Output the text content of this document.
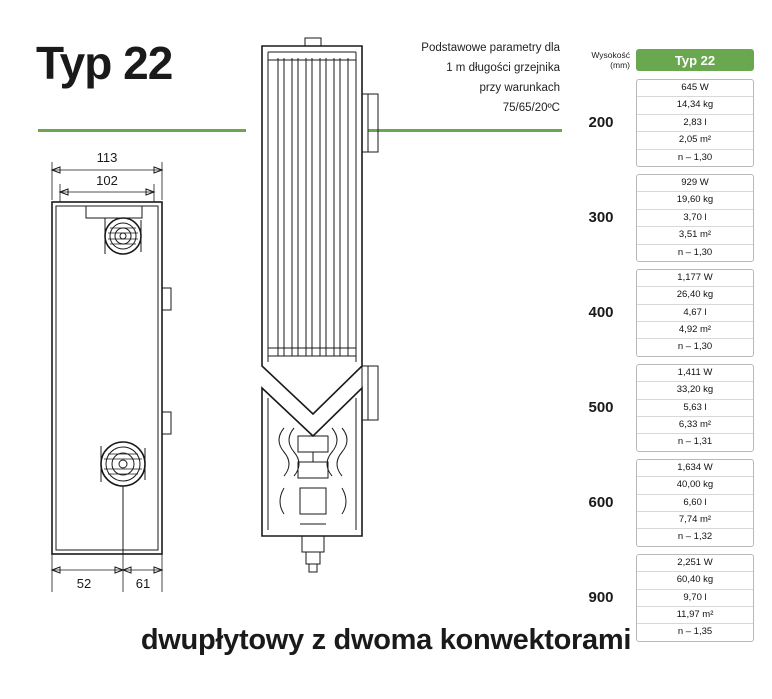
Typ 22	Podstawowe parametry dla
1 m długości grzejnika
przy warunkach
75/65/20ºC
113
102
52	61
Wysokość (mm)	Typ 22
200
645 W
14,34 kg
2,83 l
2,05 m²
n – 1,30
300
929 W
19,60 kg
3,70 l
3,51 m²
n – 1,30
400
1,177 W
26,40 kg
4,67 l
4,92 m²
n – 1,30
500
1,411 W
33,20 kg
5,63 l
6,33 m²
n – 1,31
600
1,634 W
40,00 kg
6,60 l
7,74 m²
n – 1,32
900
2,251 W
60,40 kg
9,70 l
11,97 m²
n – 1,35
dwupłytowy z dwoma konwektorami
